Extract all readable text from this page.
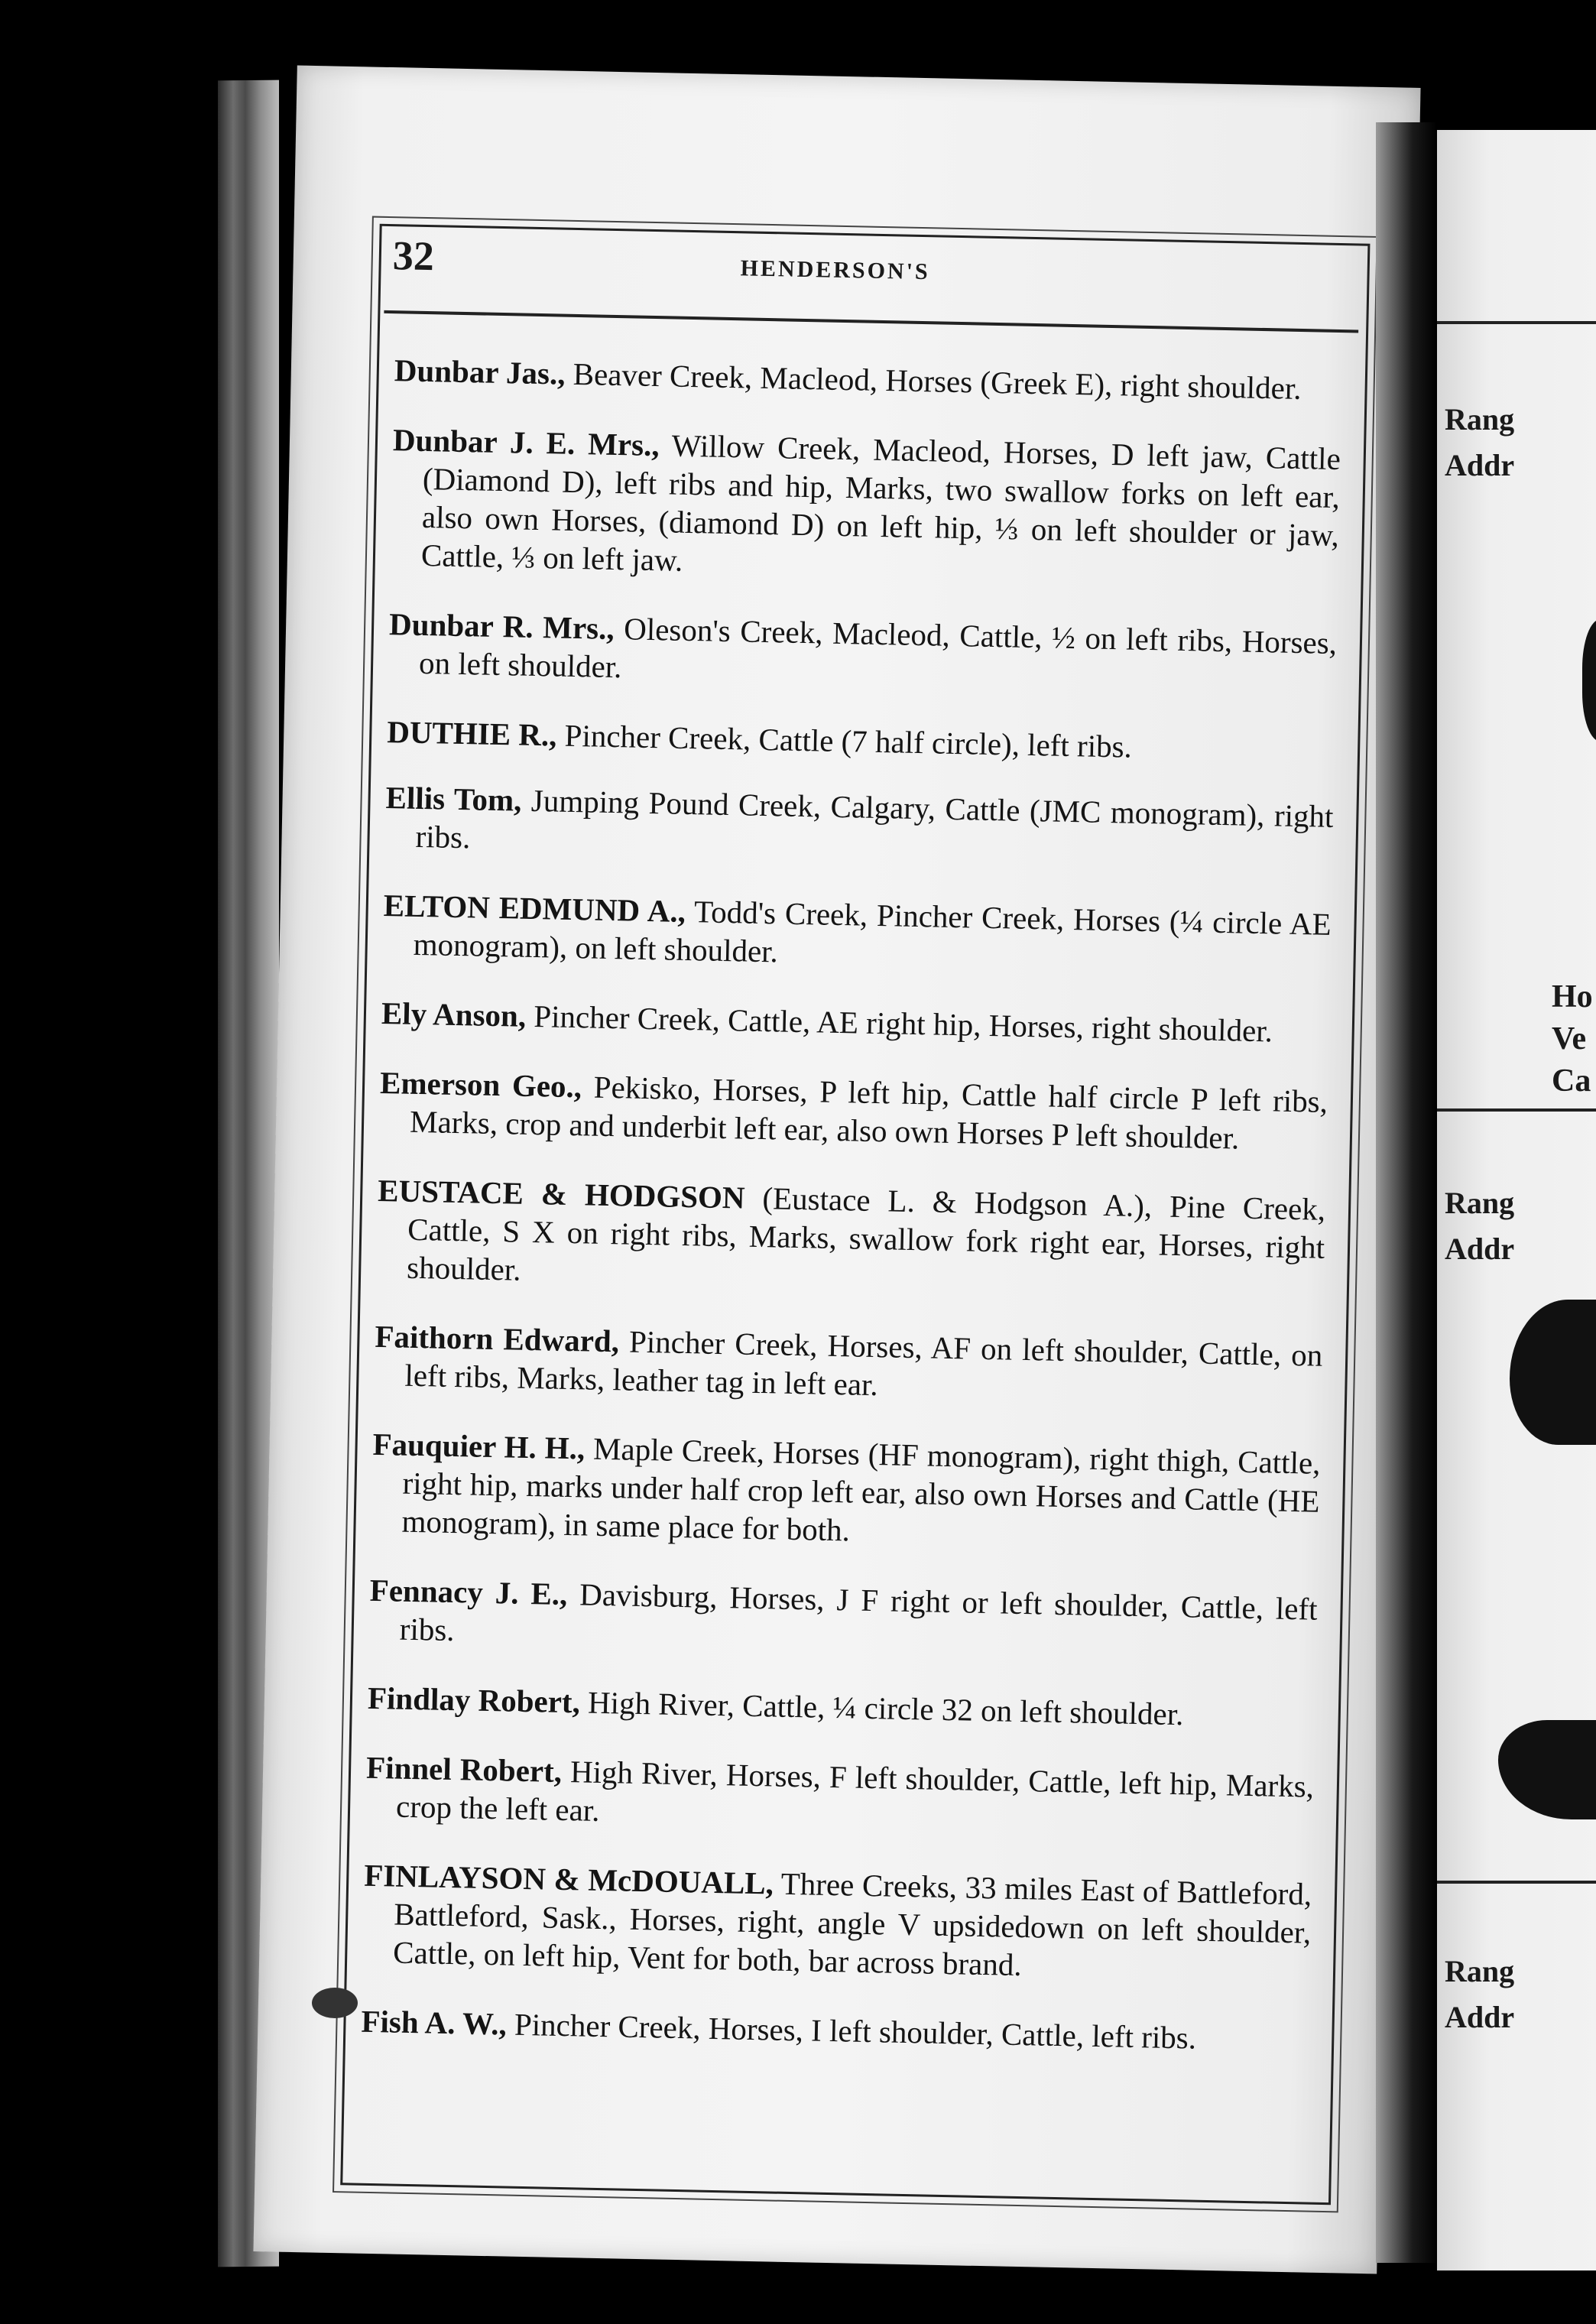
32	HENDERSON'S

Dunbar Jas., Beaver Creek, Macleod, Horses (Greek E), right shoulder.

Dunbar J. E. Mrs., Willow Creek, Macleod, Horses, D left jaw, Cattle (Diamond D), left ribs and hip, Marks, two swallow forks on left ear, also own Horses, (diamond D) on left hip, ⅓ on left shoulder or jaw, Cattle, ⅓ on left jaw.

Dunbar R. Mrs., Oleson's Creek, Macleod, Cattle, ½ on left ribs, Horses, on left shoulder.

DUTHIE R., Pincher Creek, Cattle (7 half circle), left ribs.

Ellis Tom, Jumping Pound Creek, Calgary, Cattle (JMC monogram), right ribs.

ELTON EDMUND A., Todd's Creek, Pincher Creek, Horses (¼ circle AE monogram), on left shoulder.

Ely Anson, Pincher Creek, Cattle, AE right hip, Horses, right shoulder.

Emerson Geo., Pekisko, Horses, P left hip, Cattle half circle P left ribs, Marks, crop and underbit left ear, also own Horses P left shoulder.

EUSTACE & HODGSON (Eustace L. & Hodgson A.), Pine Creek, Cattle, S X on right ribs, Marks, swallow fork right ear, Horses, right shoulder.

Faithorn Edward, Pincher Creek, Horses, AF on left shoulder, Cattle, on left ribs, Marks, leather tag in left ear.

Fauquier H. H., Maple Creek, Horses (HF monogram), right thigh, Cattle, right hip, marks under half crop left ear, also own Horses and Cattle (HE monogram), in same place for both.

Fennacy J. E., Davisburg, Horses, J F right or left shoulder, Cattle, left ribs.

Findlay Robert, High River, Cattle, ¼ circle 32 on left shoulder.

Finnel Robert, High River, Horses, F left shoulder, Cattle, left hip, Marks, crop the left ear.

FINLAYSON & McDOUALL, Three Creeks, 33 miles East of Battleford, Battleford, Sask., Horses, right, angle V upsidedown on left shoulder, Cattle, on left hip, Vent for both, bar across brand.

Fish A. W., Pincher Creek, Horses, I left shoulder, Cattle, left ribs.

Rang
Addr
Ho
Ve
Ca
Rang
Addr
Rang
Addr
